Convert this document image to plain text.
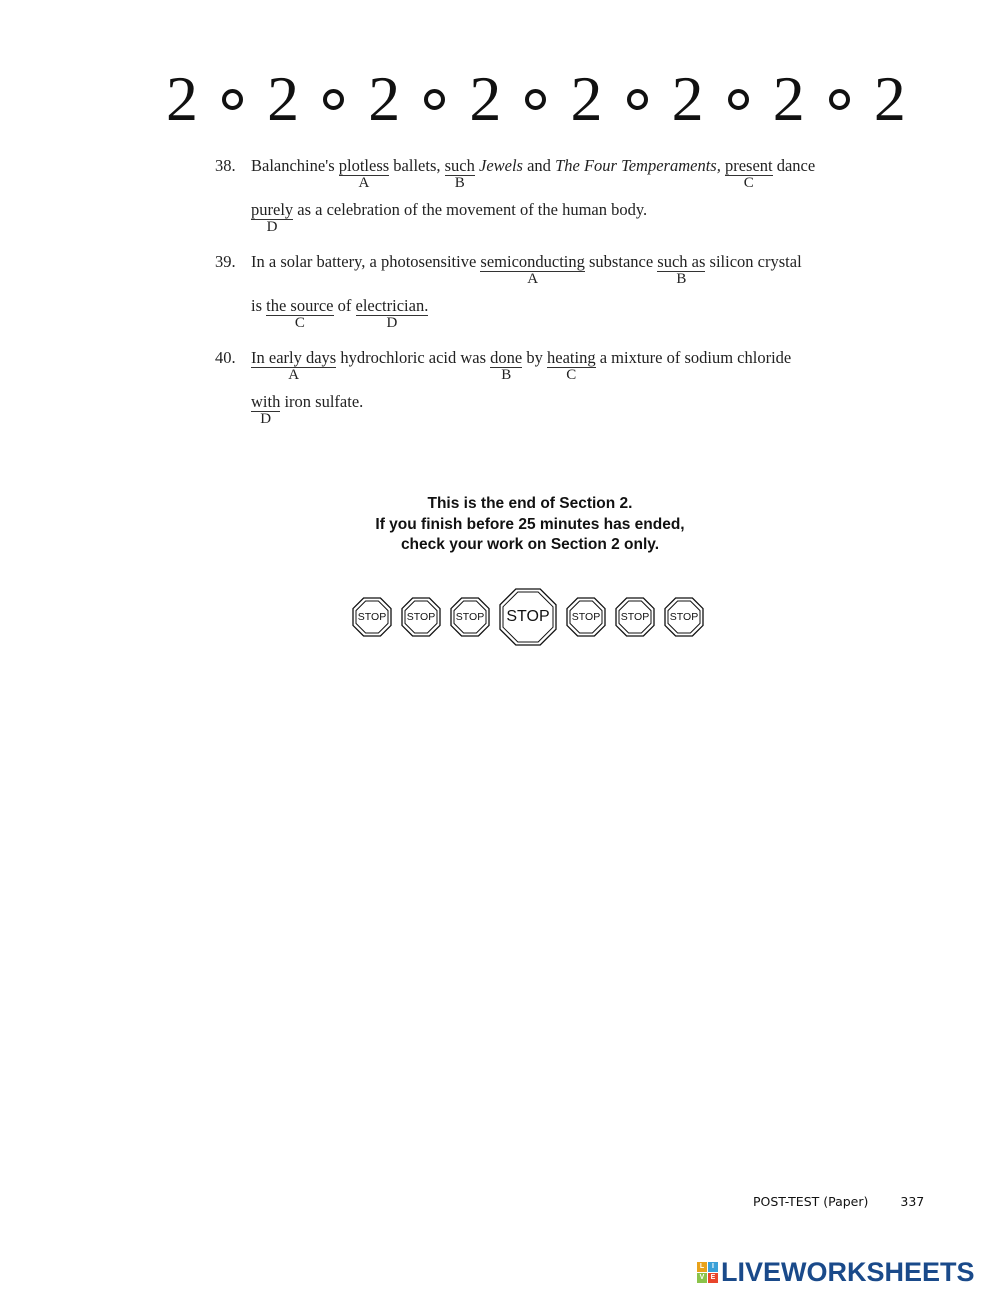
2 2 2 2 2 2 2 2
38. Balanchine's plotless
A
ballets, such
B
Jewels and The Four Temperaments, present
C
dance
purely
D
as a celebration of the movement of the human body.
39. In a solar battery, a photosensitive semiconducting
A
substance such as
B
silicon crystal
is the source
C
of electrician.
D
40. In early days
A
hydrochloric acid was done
B
by heating
C
a mixture of sodium chloride
with
D
iron sulfate.
This is the end of Section 2.
If you finish before 25 minutes has ended,
check your work on Section 2 only.
STOP STOP STOP STOP STOP STOP STOP
POST-TEST (Paper)	337
L	I
V E LIVEWORKSHEETS
